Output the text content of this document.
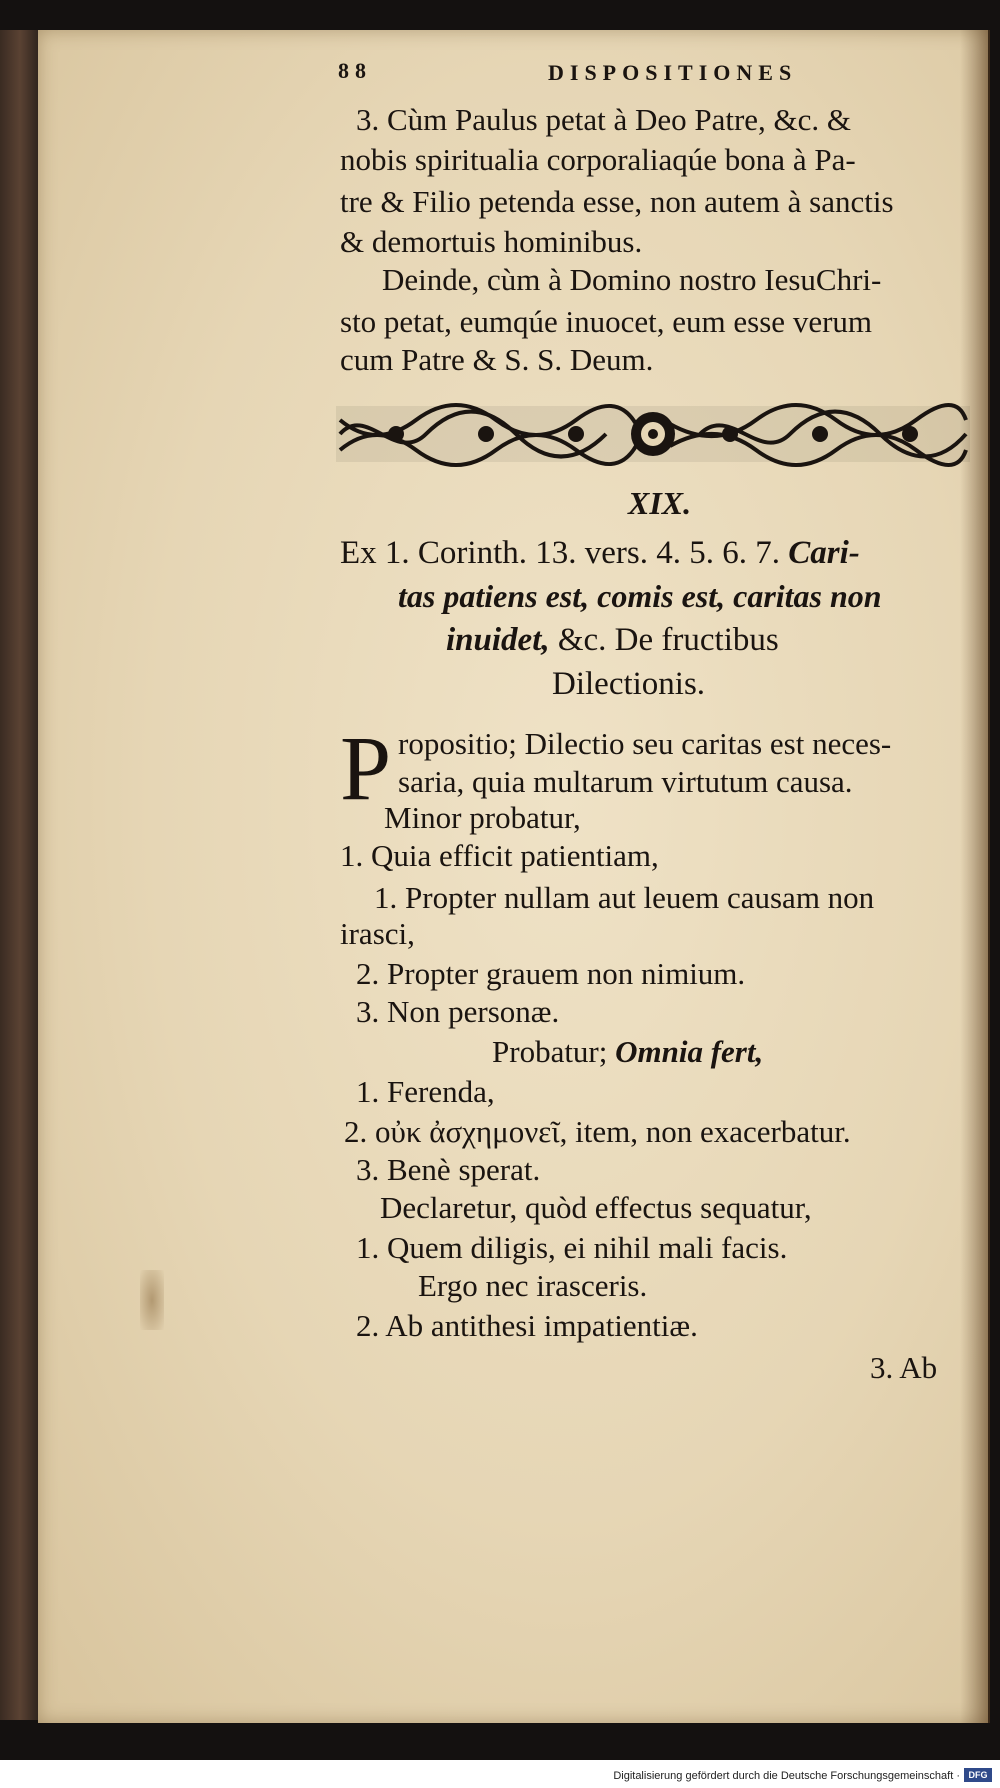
88	DISPOSITIONES
3. Cùm Paulus petat à Deo Patre, &c. &
nobis spiritualia corporaliaqúe bona à Pa-
tre & Filio petenda esse, non autem à sanctis
& demortuis hominibus.
Deinde, cùm à Domino nostro IesuChri-
sto petat, eumqúe inuocet, eum esse verum
cum Patre & S. S. Deum.
XIX.
Ex 1. Corinth. 13. vers. 4. 5. 6. 7. Cari-
tas patiens est, comis est, caritas non
inuidet, &c. De fructibus
Dilectionis.
P ropositio; Dilectio seu caritas est neces-
saria, quia multarum virtutum causa.
Minor probatur,
1. Quia efficit patientiam,
1. Propter nullam aut leuem causam non
irasci,
2. Propter grauem non nimium.
3. Non personæ.
Probatur; Omnia fert,
1. Ferenda,
2. οὐκ ἀσχημονεῖ, item, non exacerbatur.
3. Benè sperat.
Declaretur, quòd effectus sequatur,
1. Quem diligis, ei nihil mali facis.
Ergo nec irasceris.
2. Ab antithesi impatientiæ.
3. Ab
Digitalisierung gefördert durch die Deutsche Forschungsgemeinschaft · DFG
